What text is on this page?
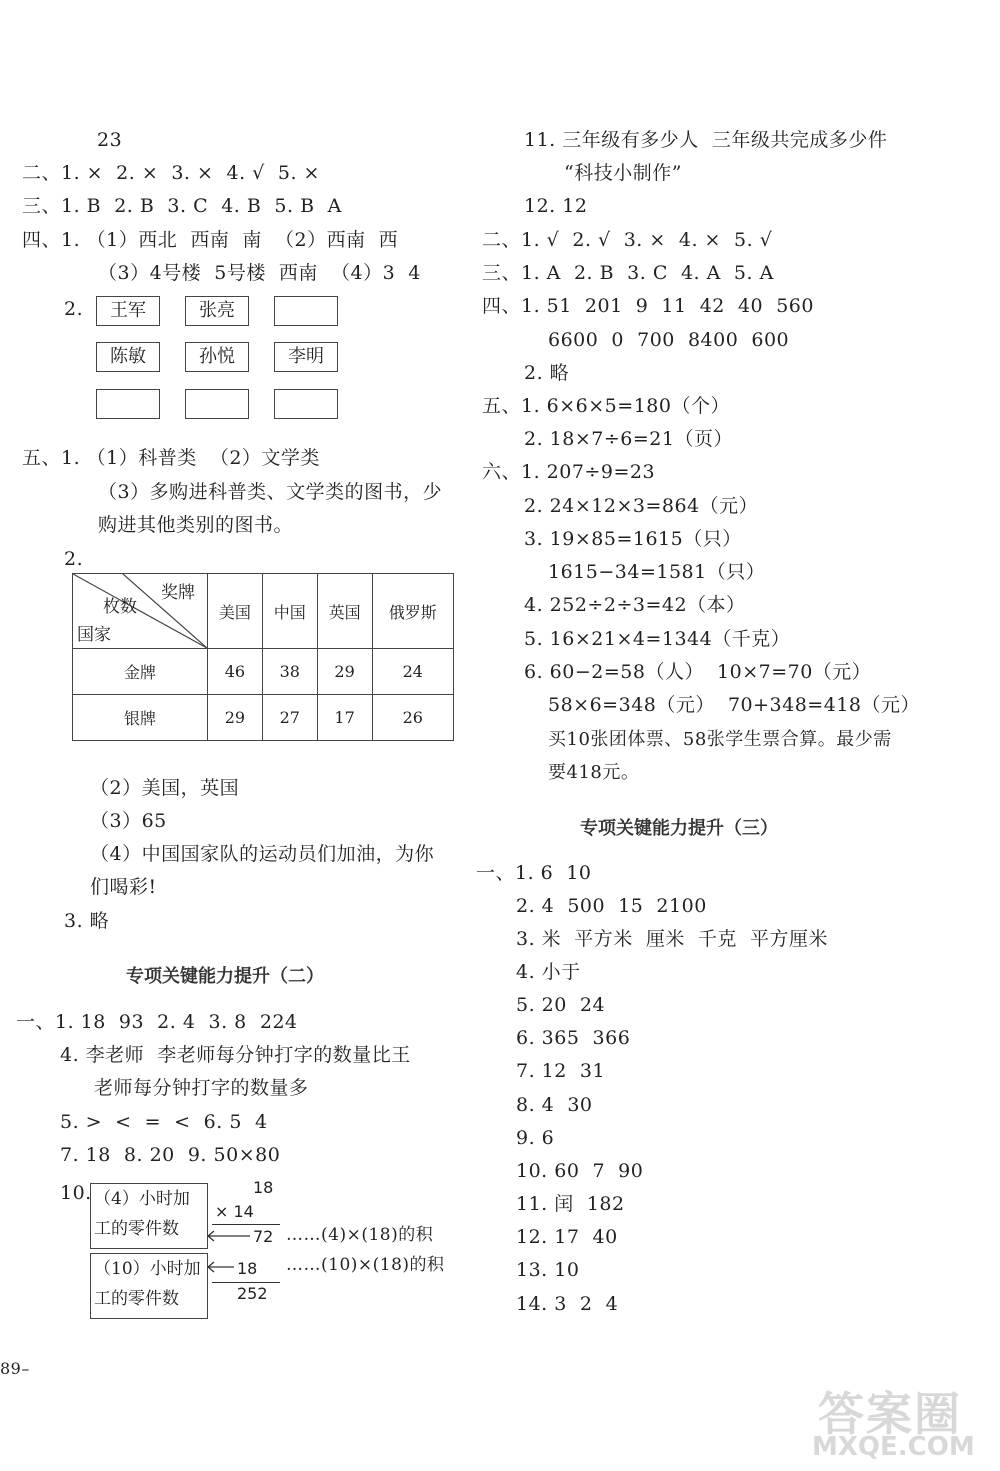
23
二、1. ×  2. ×  3. ×  4. √  5. ×
三、1. B  2. B  3. C  4. B  5. B  A
四、1. （1）西北  西南  南  （2）西南  西
（3）4号楼  5号楼  西南  （4）3  4
2.	王军	张亮
陈敏	孙悦	李明
五、1. （1）科普类  （2）文学类
（3）多购进科普类、文学类的图书，少
购进其他类别的图书。
2.
奖牌
枚数
国家	美国	中国	英国	俄罗斯
金牌	46	38	29	24
银牌	29	27	17	26
（2）美国，英国
（3）65
（4）中国国家队的运动员们加油，为你
们喝彩!
3. 略
专项关键能力提升（二）
一、1. 18  93  2. 4  3. 8  224
4. 李老师  李老师每分钟打字的数量比王
老师每分钟打字的数量多
5. >  <  =  <  6. 5  4
7. 18  8. 20  9. 50×80
10. （4）小时加
工的零件数
（10）小时加
工的零件数
18
× 14
72
18
252
……(4)×(18)的积
……(10)×(18)的积
89–
11. 三年级有多少人  三年级共完成多少件
“科技小制作”
12. 12
二、1. √  2. √  3. ×  4. ×  5. √
三、1. A  2. B  3. C  4. A  5. A
四、1. 51  201  9  11  42  40  560
6600  0  700  8400  600
2. 略
五、1. 6×6×5=180（个）
2. 18×7÷6=21（页）
六、1. 207÷9=23
2. 24×12×3=864（元）
3. 19×85=1615（只）
1615−34=1581（只）
4. 252÷2÷3=42（本）
5. 16×21×4=1344（千克）
6. 60−2=58（人）  10×7=70（元）
58×6=348（元）  70+348=418（元）
买10张团体票、58张学生票合算。最少需
要418元。
专项关键能力提升（三）
一、1. 6  10
2. 4  500  15  2100
3. 米  平方米  厘米  千克  平方厘米
4. 小于
5. 20  24
6. 365  366
7. 12  31
8. 4  30
9. 6
10. 60  7  90
11. 闰  182
12. 17  40
13. 10
14. 3  2  4
答案圈
MXQE.COM
